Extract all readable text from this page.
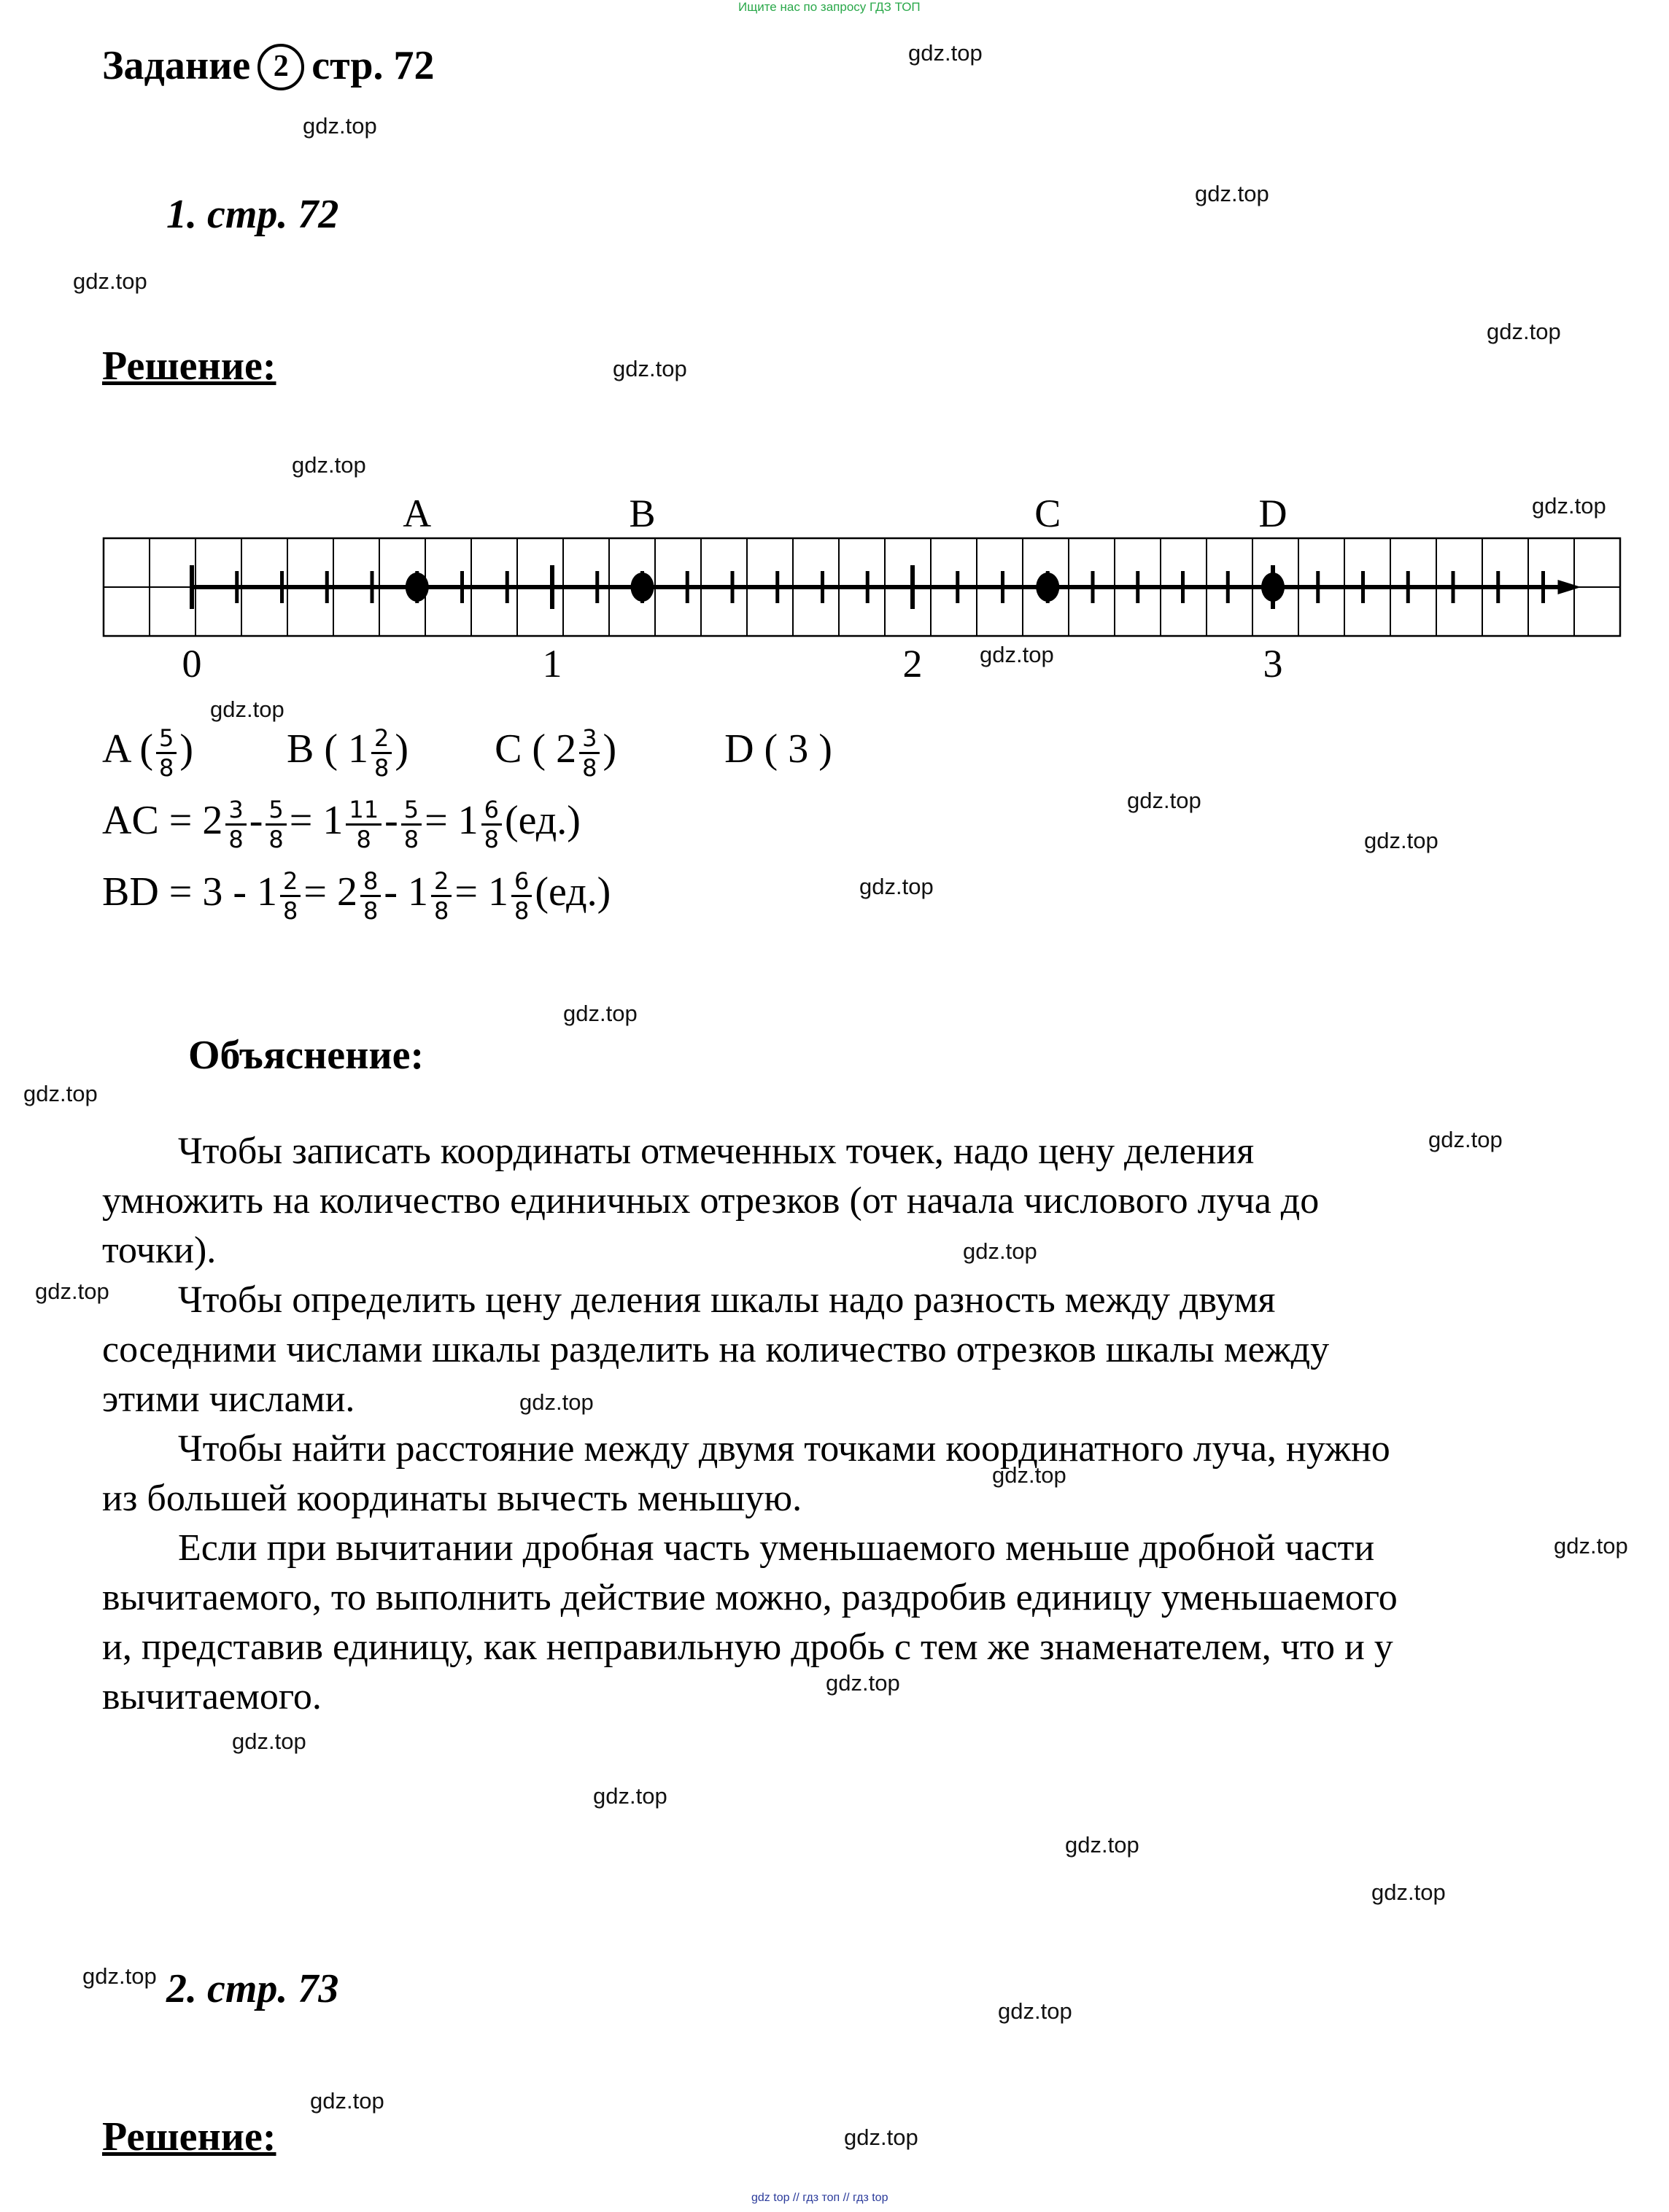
Ищите нас по запросу ГДЗ ТОП
Задание 2 стр. 72
1. стр. 72
Решение:
0	1	2	3
A	B	C	D
A ( $\frac{5}{8}$ ) B ( $1 \frac{2}{8}$ ) C ( $2 \frac{3}{8}$ )	D ( 3 )
AC = $2 \frac{3}{8} - \frac{5}{8} = 1 \frac{11}{8} - \frac{5}{8} = 1 \frac{6}{8} (ед.)$
BD = $3 - 1 \frac{2}{8} = 2 \frac{8}{8} - 1 \frac{2}{8} = 1 \frac{6}{8} (ед.)$
Объяснение:
Чтобы записать координаты отмеченных точек, надо цену деления
умножить на количество единичных отрезков (от начала числового луча до
точки).
Чтобы определить цену деления шкалы надо разность между двумя
соседними числами шкалы разделить на количество отрезков шкалы между
этими числами.
Чтобы найти расстояние между двумя точками координатного луча, нужно
из большей координаты вычесть меньшую.
Если при вычитании дробная часть уменьшаемого меньше дробной части
вычитаемого, то выполнить действие можно, раздробив единицу уменьшаемого
и, представив единицу, как неправильную дробь с тем же знаменателем, что и у
вычитаемого.
2. стр. 73
Решение:
gdz.top
gdz.top
gdz.top
gdz.top
gdz.top
gdz.top
gdz.top
gdz.top
gdz.top
gdz.top
gdz.top
gdz.top
gdz.top
gdz.top
gdz.top
gdz.top
gdz.top
gdz.top
gdz.top
gdz.top
gdz.top
gdz.top
gdz.top
gdz.top
gdz.top
gdz.top
gdz.top
gdz.top
gdz.top
gdz.top
gdz top // гдз топ // гдз top
